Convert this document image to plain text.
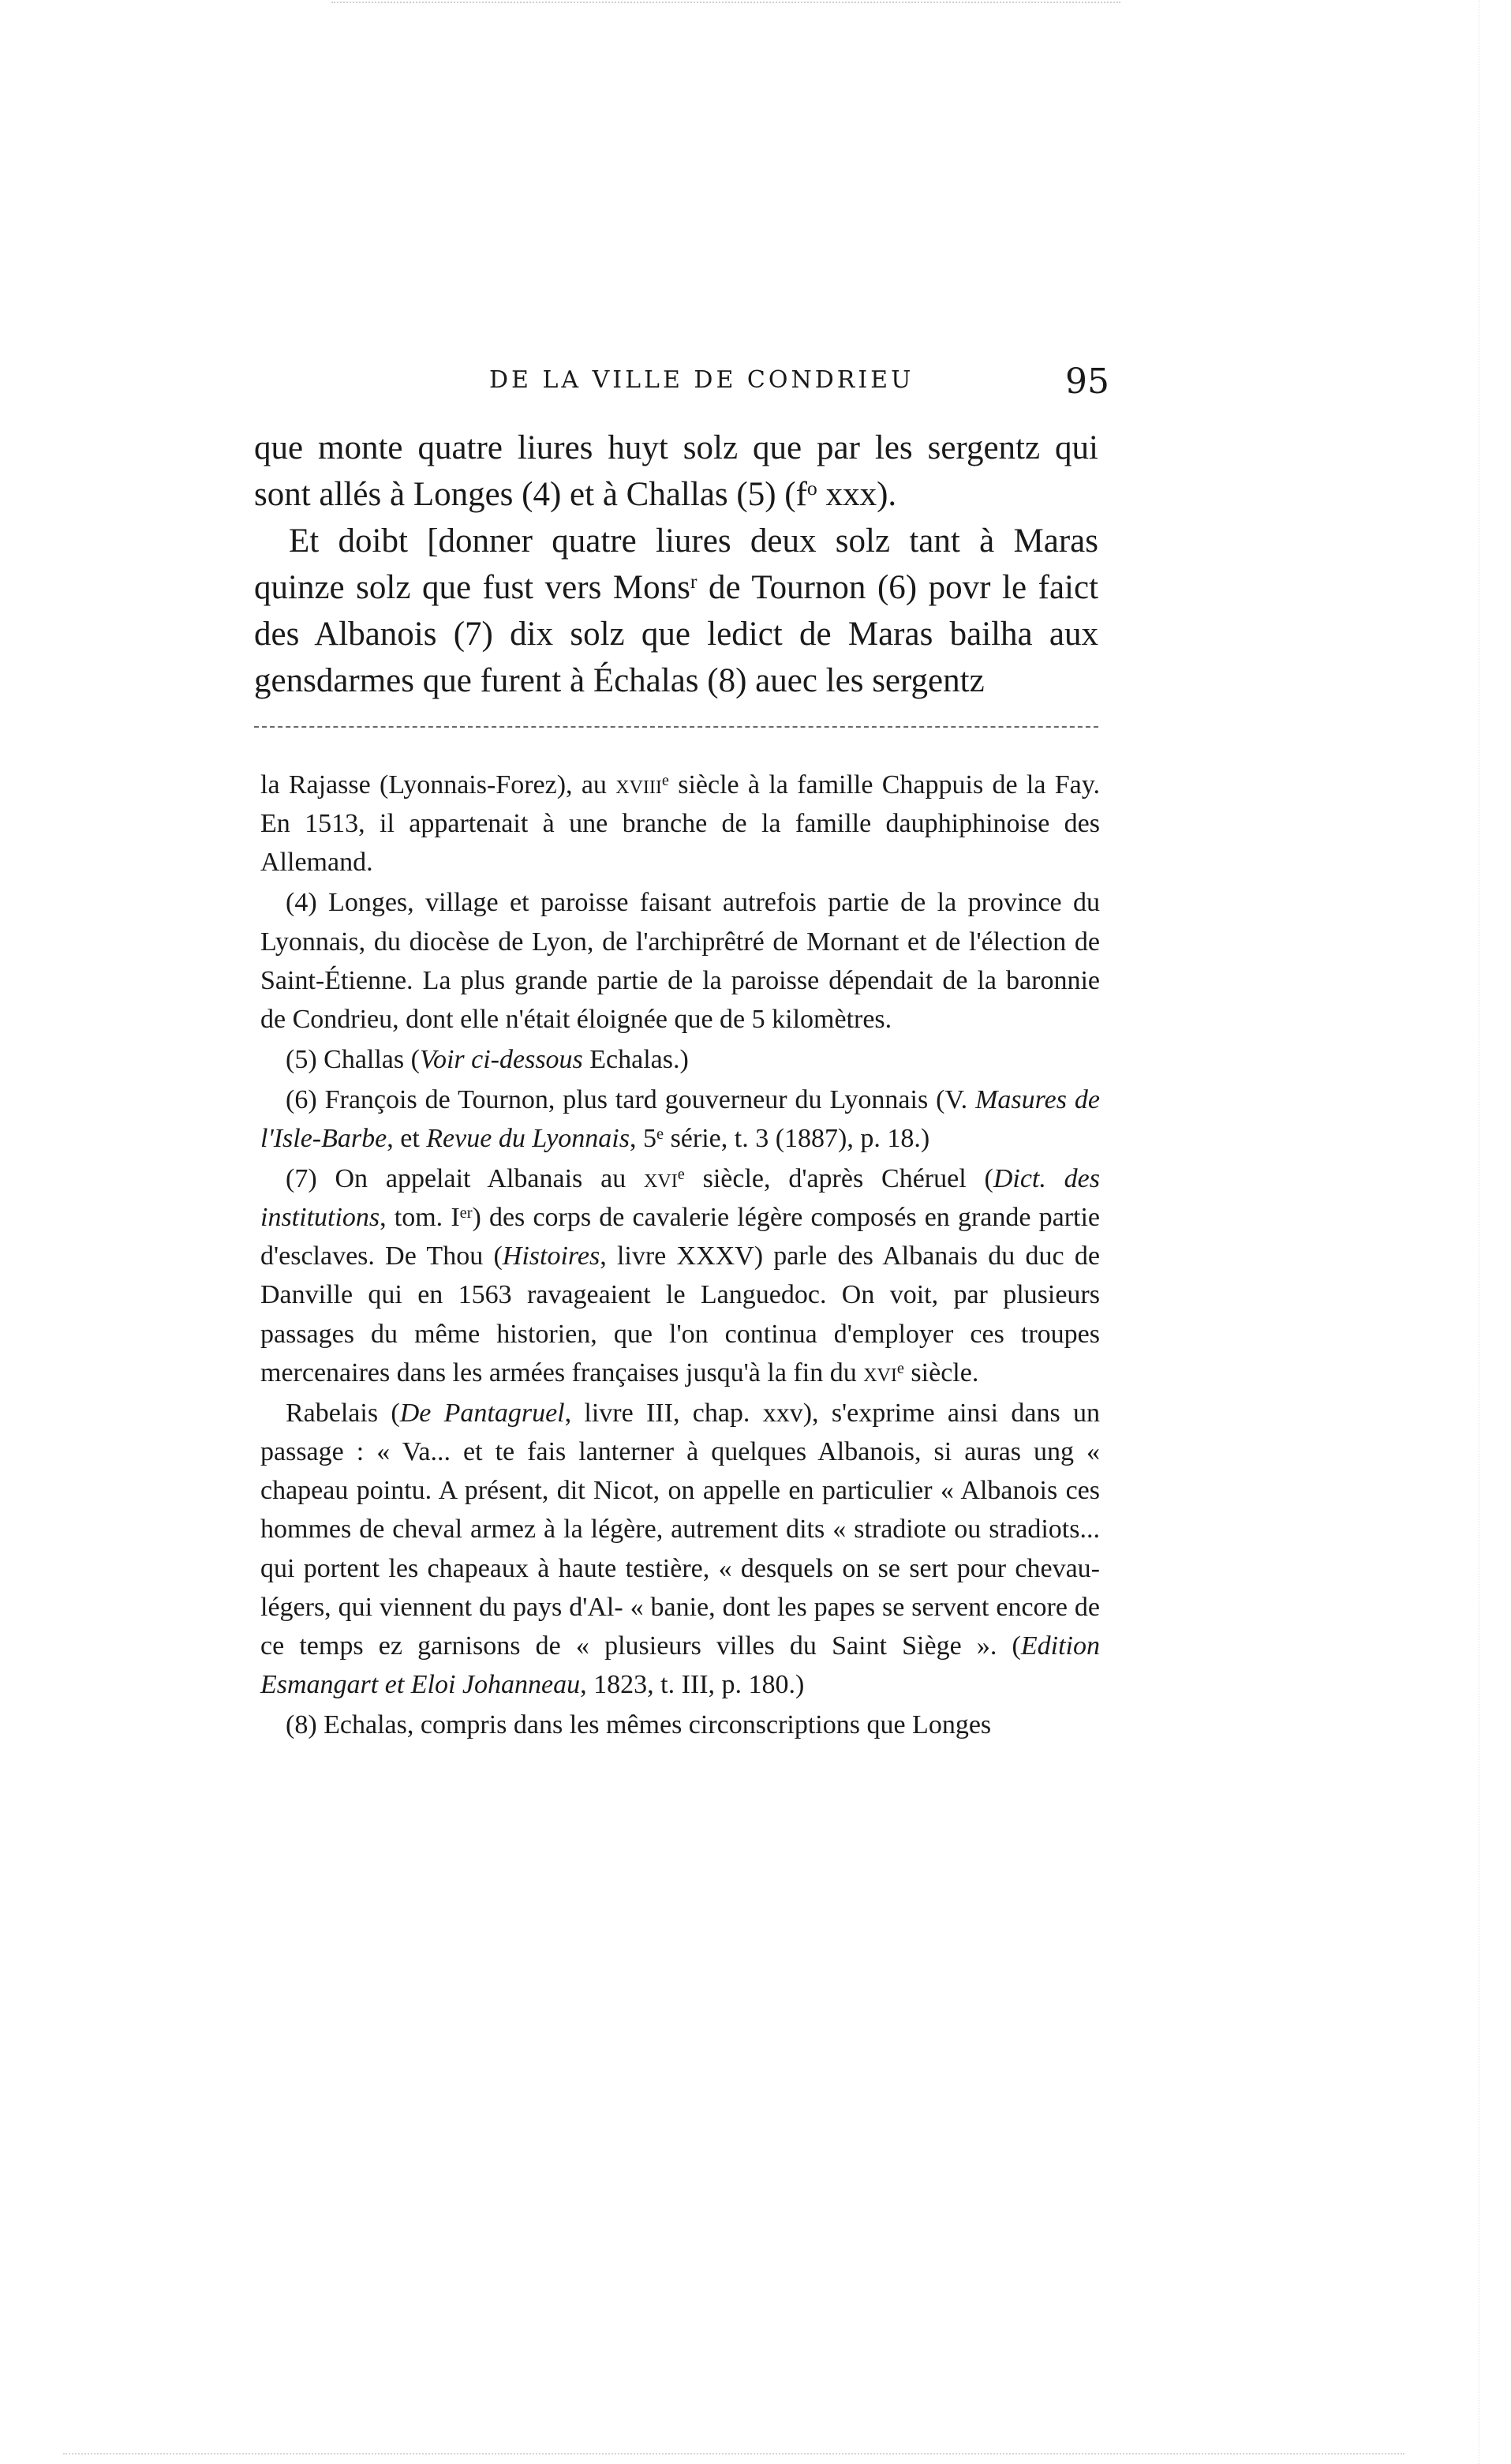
DE LA VILLE DE CONDRIEU	95

que monte quatre liures huyt solz que par les sergentz qui sont allés à Longes (4) et à Challas (5) ($f^o$ xxx).

Et doibt [donner quatre liures deux solz tant à Maras quinze solz que fust vers Mons$^r$ de Tournon (6) povr le faict des Albanois (7) dix solz que ledict de Maras bailha aux gensdarmes que furent à Échalas (8) auec les sergentz

la Rajasse (Lyonnais-Forez), au xviii$^e$ siècle à la famille Chappuis de la Fay. En 1513, il appartenait à une branche de la famille dauphiphinoise des Allemand.

(4) Longes, village et paroisse faisant autrefois partie de la province du Lyonnais, du diocèse de Lyon, de l'archiprêtré de Mornant et de l'élection de Saint-Étienne. La plus grande partie de la paroisse dépendait de la baronnie de Condrieu, dont elle n'était éloignée que de 5 kilomètres.

(5) Challas (Voir ci-dessous Echalas.)

(6) François de Tournon, plus tard gouverneur du Lyonnais (V. Masures de l'Isle-Barbe, et Revue du Lyonnais, 5e série, t. 3 (1887), p. 18.)

(7) On appelait Albanais au xvi$^e$ siècle, d'après Chéruel (Dict. des institutions, tom. Ier) des corps de cavalerie légère composés en grande partie d'esclaves. De Thou (Histoires, livre XXXV) parle des Albanais du duc de Danville qui en 1563 ravageaient le Languedoc. On voit, par plusieurs passages du même historien, que l'on continua d'employer ces troupes mercenaires dans les armées françaises jusqu'à la fin du xvi$^e$ siècle.

Rabelais (De Pantagruel, livre III, chap. xxv), s'exprime ainsi dans un passage : « Va... et te fais lanterner à quelques Albanois, si auras ung « chapeau pointu. A présent, dit Nicot, on appelle en particulier « Albanois ces hommes de cheval armez à la légère, autrement dits « stradiote ou stradiots... qui portent les chapeaux à haute testière, « desquels on se sert pour chevau-légers, qui viennent du pays d'Al- « banie, dont les papes se servent encore de ce temps ez garnisons de « plusieurs villes du Saint Siège ». (Edition Esmangart et Eloi Johanneau, 1823, t. III, p. 180.)

(8) Echalas, compris dans les mêmes circonscriptions que Longes
